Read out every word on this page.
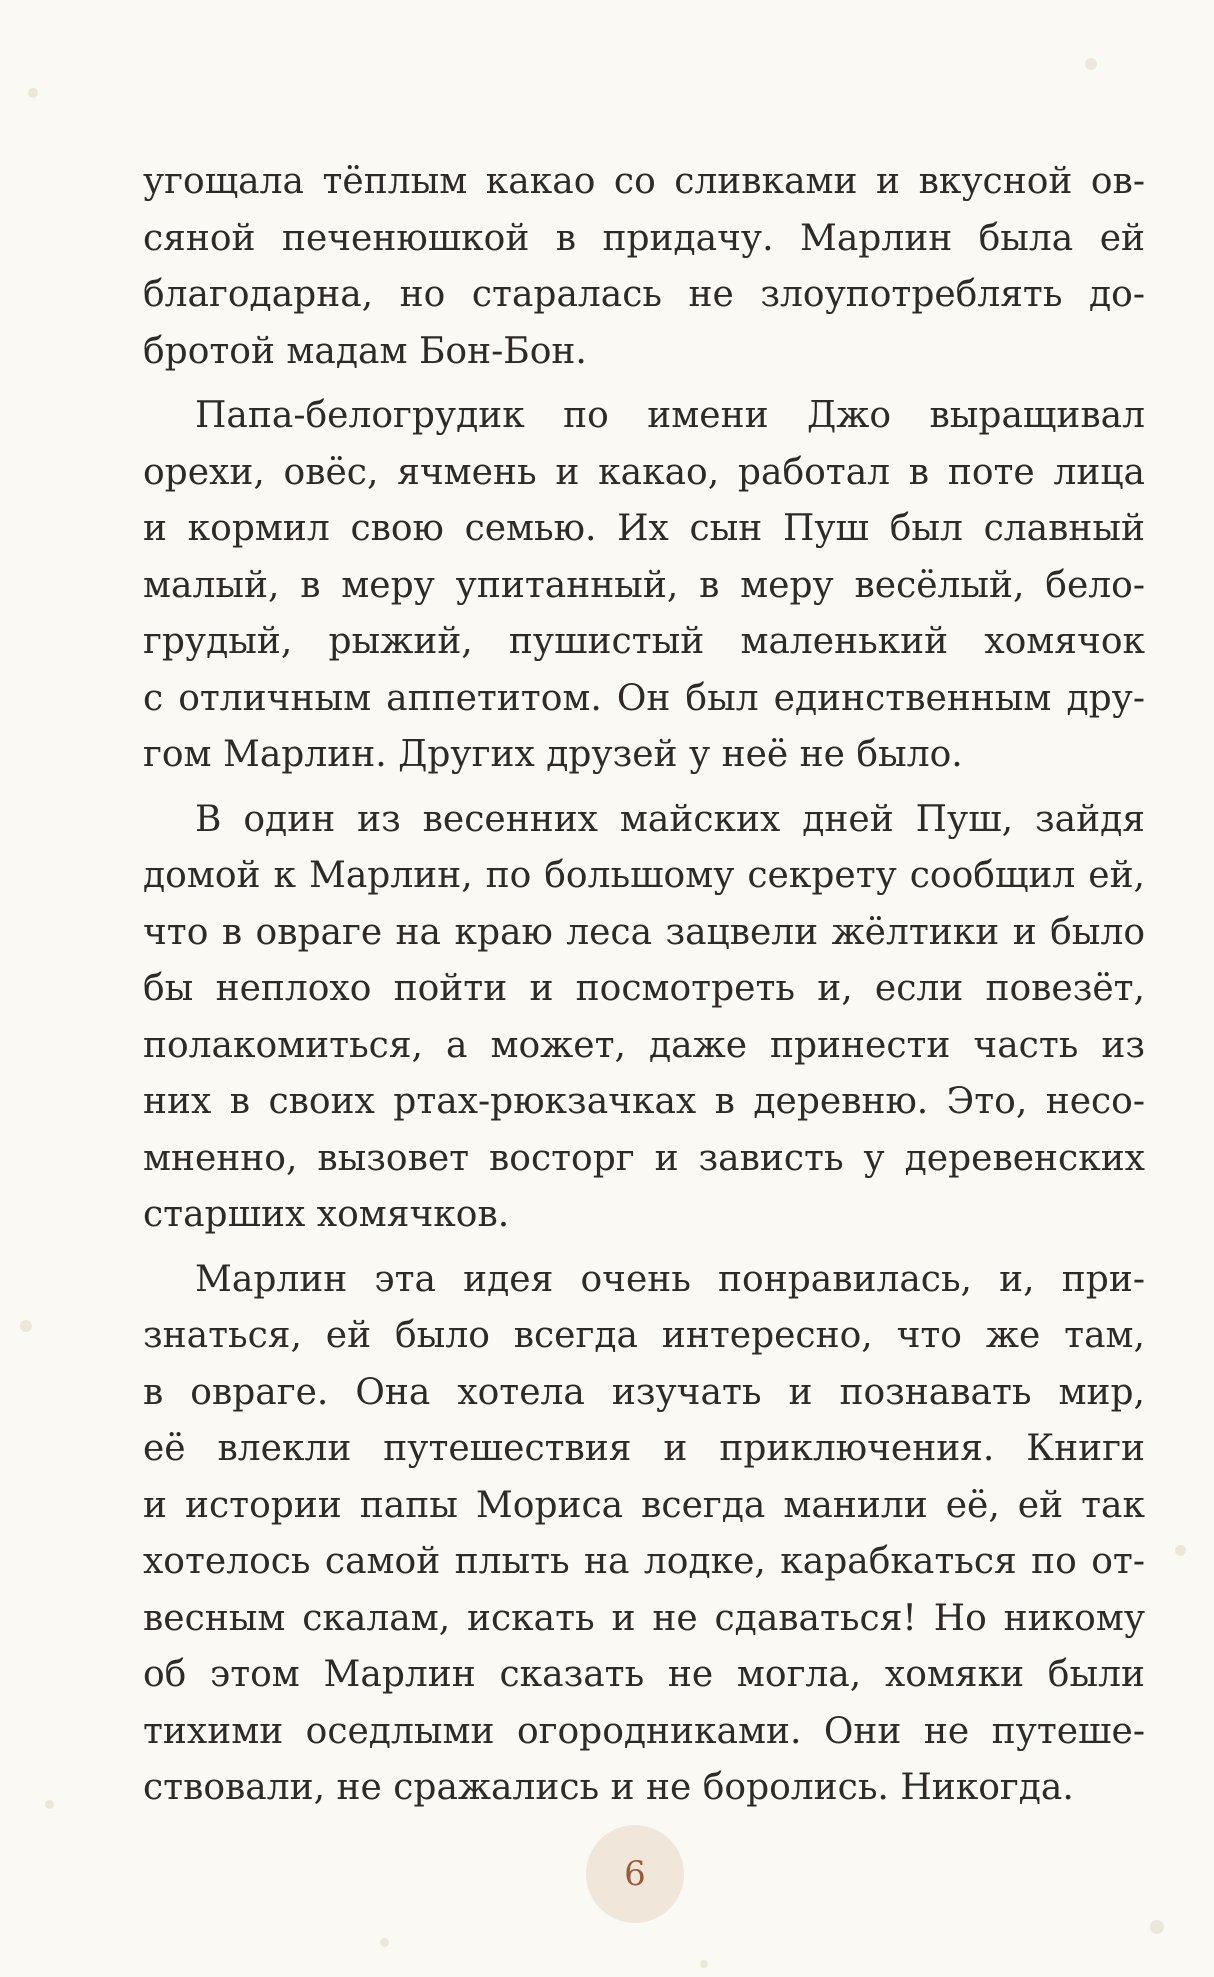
угощала тёплым какао со сливками и вкусной ов-
сяной печенюшкой в придачу. Марлин была ей
благодарна, но старалась не злоупотреблять до-
бротой мадам Бон-Бон.
Папа-белогрудик по имени Джо выращивал
орехи, овёс, ячмень и какао, работал в поте лица
и кормил свою семью. Их сын Пуш был славный
малый, в меру упитанный, в меру весёлый, бело-
грудый, рыжий, пушистый маленький хомячок
с отличным аппетитом. Он был единственным дру-
гом Марлин. Других друзей у неё не было.
В один из весенних майских дней Пуш, зайдя
домой к Марлин, по большому секрету сообщил ей,
что в овраге на краю леса зацвели жёлтики и было
бы неплохо пойти и посмотреть и, если повезёт,
полакомиться, а может, даже принести часть из
них в своих ртах-рюкзачках в деревню. Это, несо-
мненно, вызовет восторг и зависть у деревенских
старших хомячков.
Марлин эта идея очень понравилась, и, при-
знаться, ей было всегда интересно, что же там,
в овраге. Она хотела изучать и познавать мир,
её влекли путешествия и приключения. Книги
и истории папы Мориса всегда манили её, ей так
хотелось самой плыть на лодке, карабкаться по от-
весным скалам, искать и не сдаваться! Но никому
об этом Марлин сказать не могла, хомяки были
тихими оседлыми огородниками. Они не путеше-
ствовали, не сражались и не боролись. Никогда.
6
